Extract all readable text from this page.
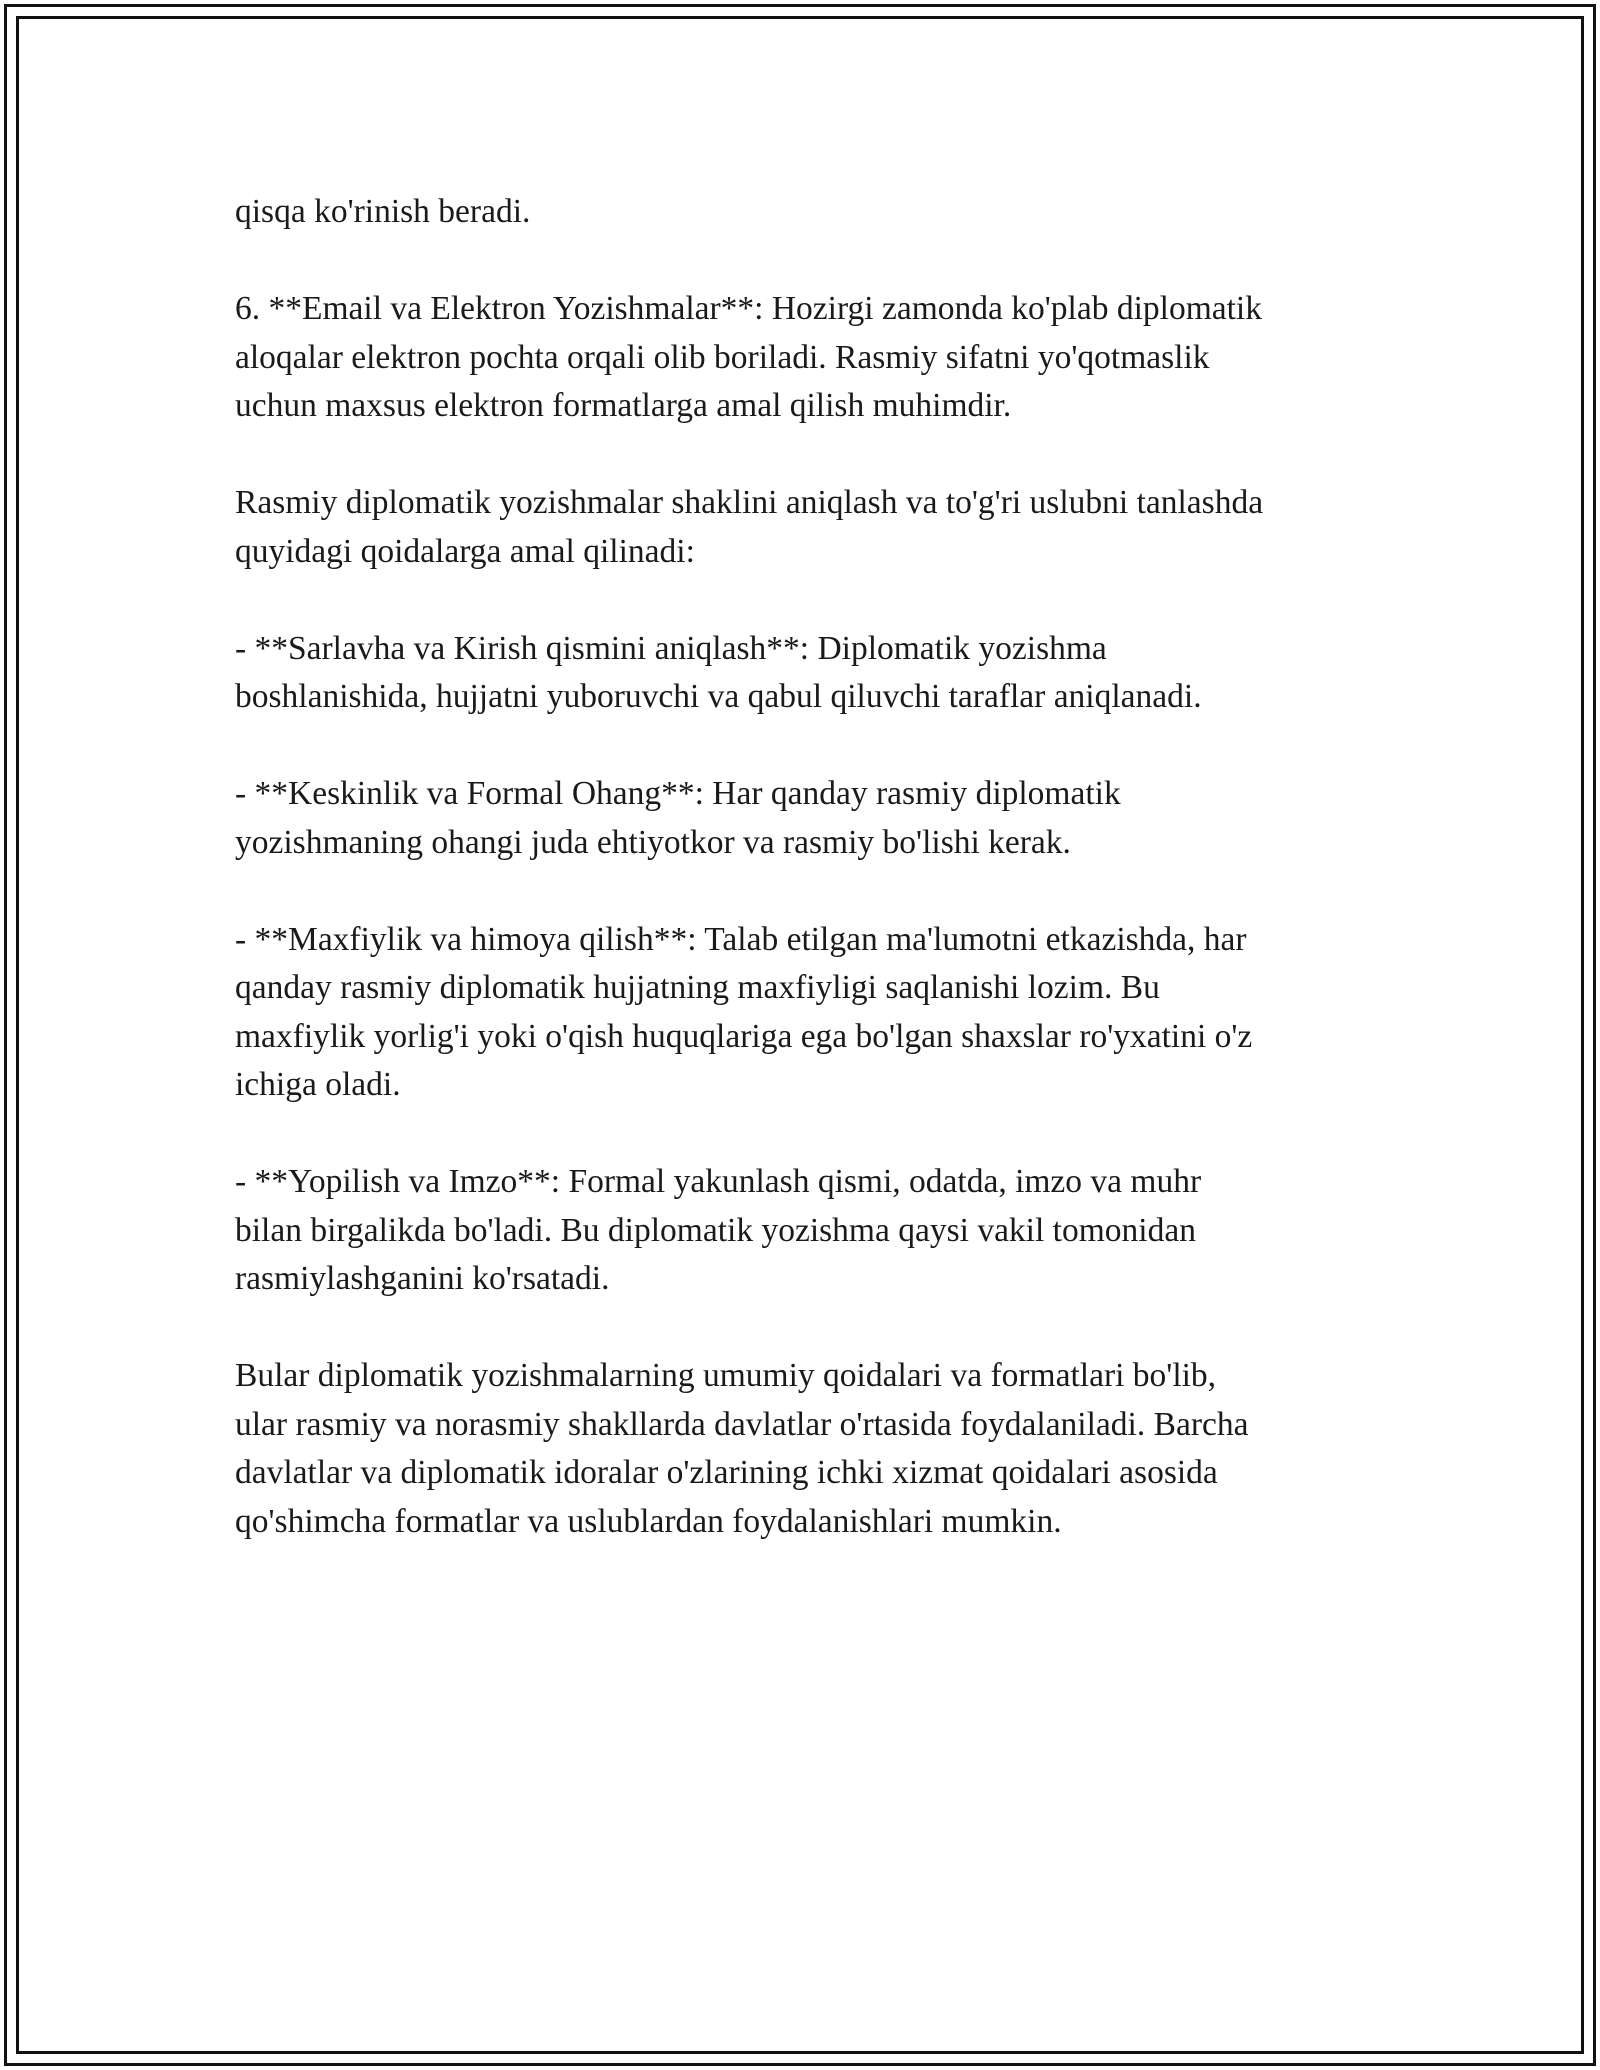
qisqa ko'rinish beradi.

6. **Email va Elektron Yozishmalar**: Hozirgi zamonda ko'plab diplomatik
aloqalar elektron pochta orqali olib boriladi. Rasmiy sifatni yo'qotmaslik
uchun maxsus elektron formatlarga amal qilish muhimdir.

Rasmiy diplomatik yozishmalar shaklini aniqlash va to'g'ri uslubni tanlashda
quyidagi qoidalarga amal qilinadi:

- **Sarlavha va Kirish qismini aniqlash**: Diplomatik yozishma
boshlanishida, hujjatni yuboruvchi va qabul qiluvchi taraflar aniqlanadi.

- **Keskinlik va Formal Ohang**: Har qanday rasmiy diplomatik
yozishmaning ohangi juda ehtiyotkor va rasmiy bo'lishi kerak.

- **Maxfiylik va himoya qilish**: Talab etilgan ma'lumotni etkazishda, har
qanday rasmiy diplomatik hujjatning maxfiyligi saqlanishi lozim. Bu
maxfiylik yorlig'i yoki o'qish huquqlariga ega bo'lgan shaxslar ro'yxatini o'z
ichiga oladi.

- **Yopilish va Imzo**: Formal yakunlash qismi, odatda, imzo va muhr
bilan birgalikda bo'ladi. Bu diplomatik yozishma qaysi vakil tomonidan
rasmiylashganini ko'rsatadi.

Bular diplomatik yozishmalarning umumiy qoidalari va formatlari bo'lib,
ular rasmiy va norasmiy shakllarda davlatlar o'rtasida foydalaniladi. Barcha
davlatlar va diplomatik idoralar o'zlarining ichki xizmat qoidalari asosida
qo'shimcha formatlar va uslublardan foydalanishlari mumkin.
